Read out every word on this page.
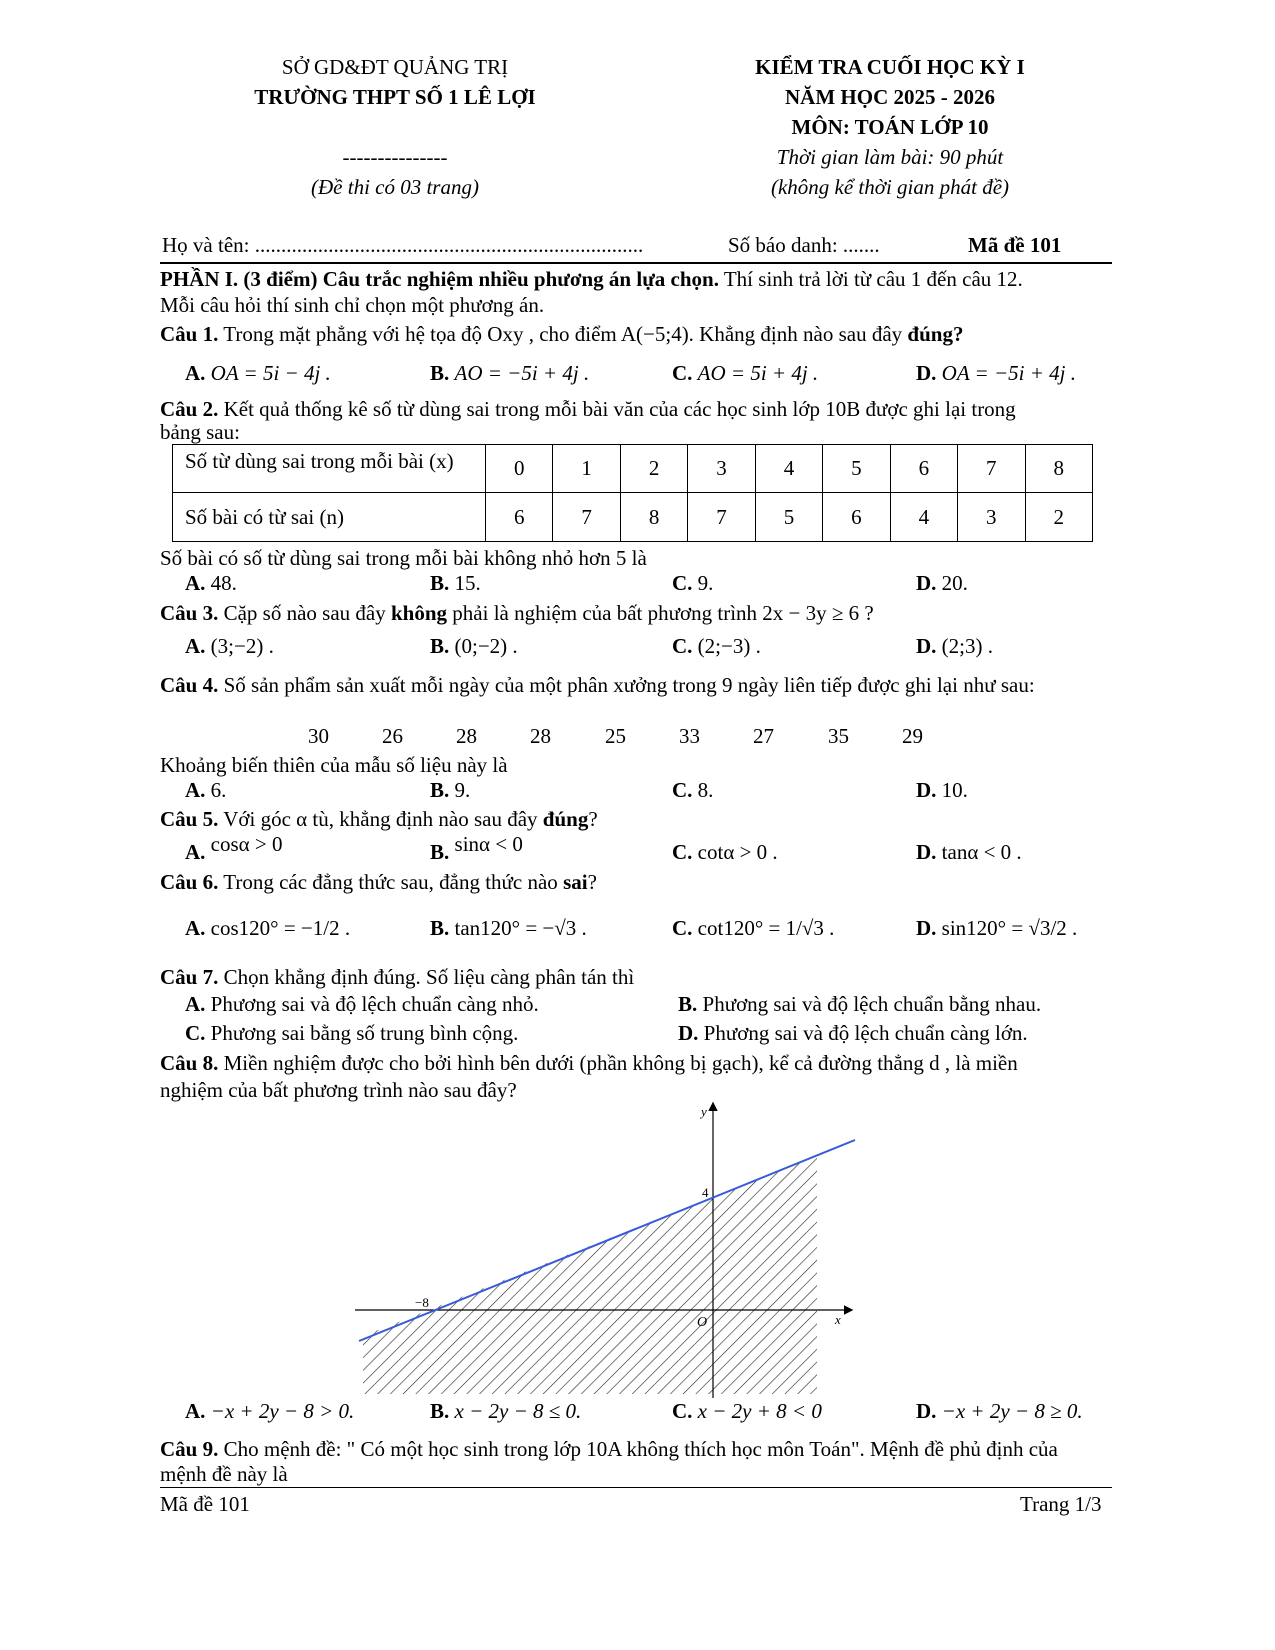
SỞ GD&ĐT QUẢNG TRỊ
TRƯỜNG THPT SỐ 1 LÊ LỢI
---------------
(Đề thi có 03 trang)
KIỂM TRA CUỐI HỌC KỲ I
NĂM HỌC 2025 - 2026
MÔN: TOÁN LỚP 10
Thời gian làm bài: 90 phút
(không kể thời gian phát đề)
Họ và tên: ..........................................................................	Số báo danh: .......	Mã đề 101
PHẦN I. (3 điểm) Câu trắc nghiệm nhiều phương án lựa chọn. Thí sinh trả lời từ câu 1 đến câu 12.
Mỗi câu hỏi thí sinh chỉ chọn một phương án.
Câu 1. Trong mặt phẳng với hệ tọa độ Oxy , cho điểm A(−5;4). Khẳng định nào sau đây đúng?
A. OA = 5i − 4j .	B. AO = −5i + 4j .	C. AO = 5i + 4j .	D. OA = −5i + 4j .
Câu 2. Kết quả thống kê số từ dùng sai trong mỗi bài văn của các học sinh lớp 10B được ghi lại trong
bảng sau:
Số từ dùng sai trong mỗi bài (x)	0	1	2	3	4	5	6	7	8
Số bài có từ sai (n)	6	7	8	7	5	6	4	3	2
Số bài có số từ dùng sai trong mỗi bài không nhỏ hơn 5 là
A. 48.	B. 15.	C. 9.	D. 20.
Câu 3. Cặp số nào sau đây không phải là nghiệm của bất phương trình 2x − 3y ≥ 6 ?
A. (3;−2) .	B. (0;−2) .	C. (2;−3) .	D. (2;3) .
Câu 4. Số sản phẩm sản xuất mỗi ngày của một phân xưởng trong 9 ngày liên tiếp được ghi lại như sau:
30	26	28	28	25	33	27	35	29
Khoảng biến thiên của mẫu số liệu này là
A. 6.	B. 9.	C. 8.	D. 10.
Câu 5. Với góc α tù, khẳng định nào sau đây đúng?
A. cosα > 0	B. sinα < 0	C. cotα > 0 .	D. tanα < 0 .
Câu 6. Trong các đẳng thức sau, đẳng thức nào sai?
A. cos120° = −1/2 .	B. tan120° = −√3 .	C. cot120° = 1/√3 .	D. sin120° = √3/2 .
Câu 7. Chọn khẳng định đúng. Số liệu càng phân tán thì
A. Phương sai và độ lệch chuẩn càng nhỏ.	B. Phương sai và độ lệch chuẩn bằng nhau.
C. Phương sai bằng số trung bình cộng.	D. Phương sai và độ lệch chuẩn càng lớn.
Câu 8. Miền nghiệm được cho bởi hình bên dưới (phần không bị gạch), kể cả đường thẳng d , là miền
nghiệm của bất phương trình nào sau đây?
y
x
O
4
−8
A. −x + 2y − 8 > 0.	B. x − 2y − 8 ≤ 0.	C. x − 2y + 8 < 0	D. −x + 2y − 8 ≥ 0.
Câu 9. Cho mệnh đề: " Có một học sinh trong lớp 10A không thích học môn Toán". Mệnh đề phủ định của
mệnh đề này là
Mã đề 101	Trang 1/3
